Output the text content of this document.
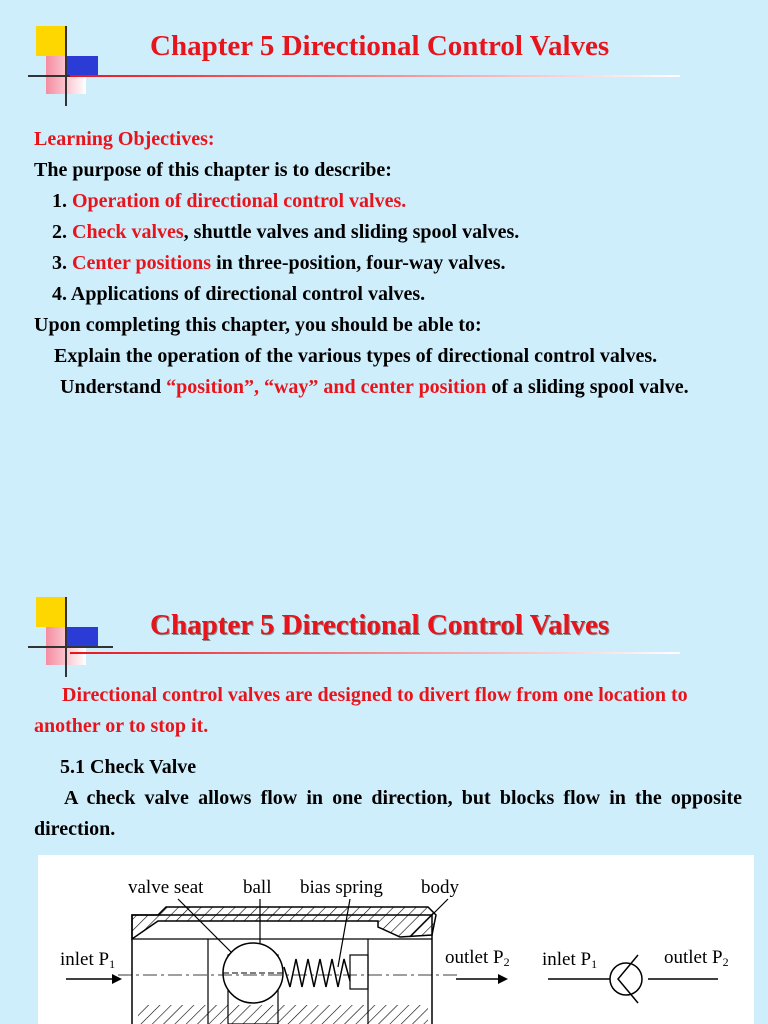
Chapter 5 Directional Control Valves
Learning Objectives:
The purpose of this chapter is to describe:
1. Operation of directional control valves.
2. Check valves, shuttle valves and sliding spool valves.
3. Center positions in three-position, four-way valves.
4. Applications of directional control valves.
Upon completing this chapter, you should be able to:
Explain the operation of the various types of directional control valves.
Understand “position”, “way” and center position of a sliding spool valve.
Chapter 5 Directional Control Valves
Directional control valves are designed to divert flow from one location to another or to stop it.
5.1 Check Valve
A check valve allows flow in one direction, but blocks flow in the opposite direction.
valve seat ball bias spring body
inlet P1	outlet P2 inlet P1	outlet P2
